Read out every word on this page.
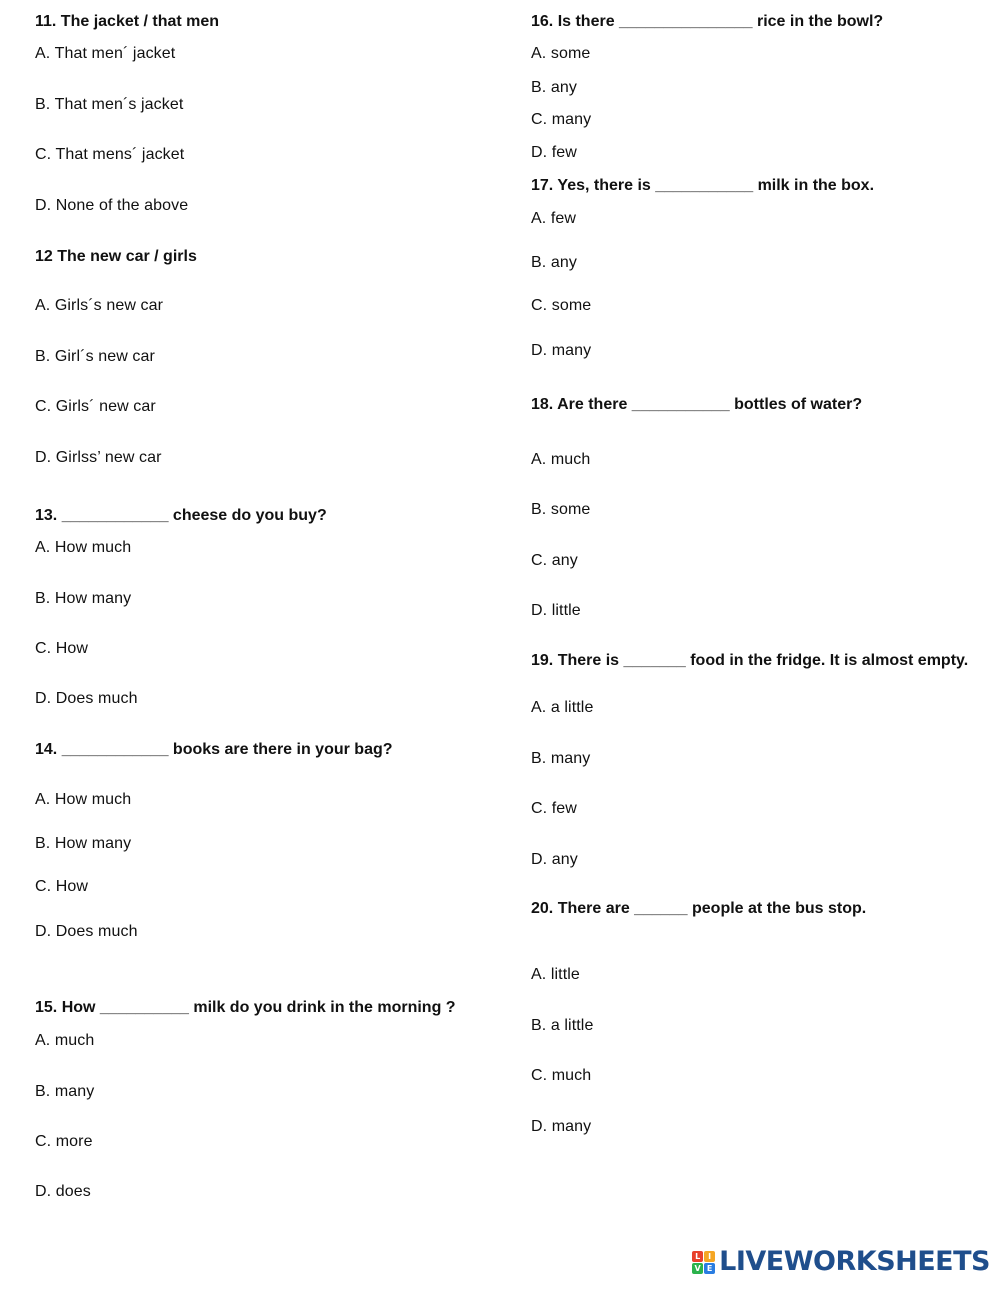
11. The jacket / that men
A. That men´ jacket
B. That men´s jacket
C. That mens´ jacket
D. None of the above
12 The new car / girls
A. Girls´s new car
B. Girl´s new car
C. Girls´ new car
D. Girlss’ new car
13. ____________ cheese do you buy?
A. How much
B. How many
C. How
D. Does much
14. ____________ books are there in your bag?
A. How much
B. How many
C. How
D. Does much
15. How __________ milk do you drink in the morning ?
A. much
B. many
C. more
D. does
16. Is there _______________ rice in the bowl?
A. some
B. any
C. many
D. few
17. Yes, there is ___________ milk in the box.
A. few
B. any
C. some
D. many
18. Are there ___________ bottles of water?
A. much
B. some
C. any
D. little
19. There is _______ food in the fridge. It is almost empty.
A. a little
B. many
C. few
D. any
20. There are ______ people at the bus stop.
A. little
B. a little
C. much
D. many
L I
V E LIVEWORKSHEETS
